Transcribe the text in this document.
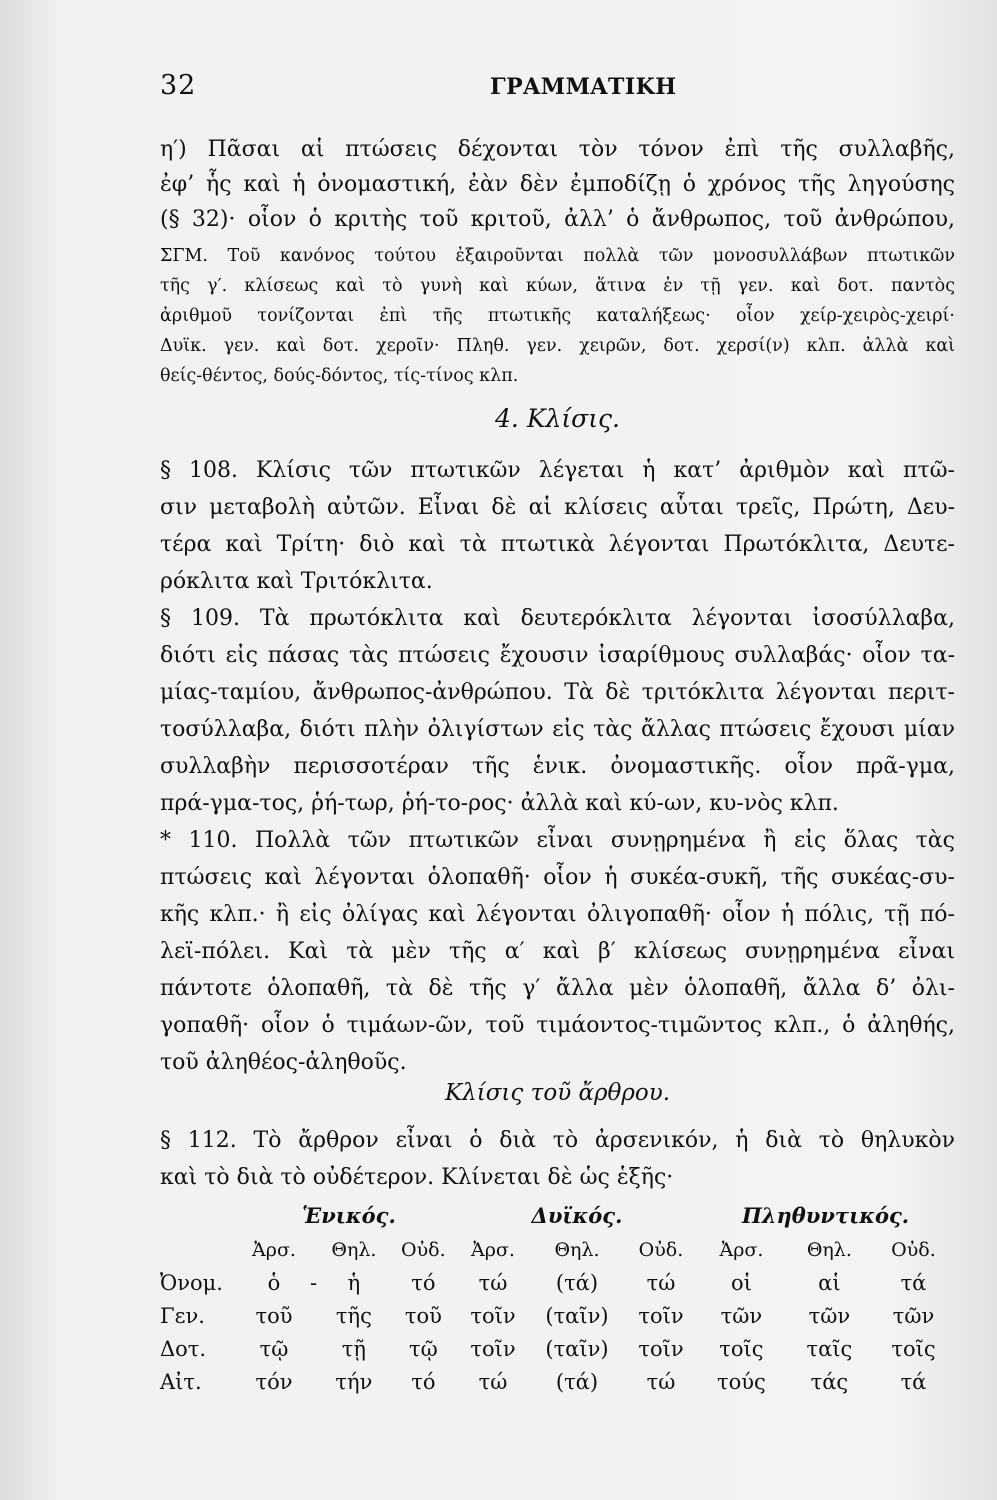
32	ΓΡΑΜΜΑΤΙΚΗ
η′) Πᾶσαι αἱ πτώσεις δέχονται τὸν τόνον ἐπὶ τῆς συλλαβῆς,
ἐφ’ ἧς καὶ ἡ ὀνομαστική, ἐὰν δὲν ἐμποδίζῃ ὁ χρόνος τῆς ληγούσης
(§ 32)· οἷον ὁ κριτὴς τοῦ κριτοῦ, ἀλλ’ ὁ ἄνθρωπος, τοῦ ἀνθρώπου,
ΣΓΜ. Τοῦ κανόνος τούτου ἐξαιροῦνται πολλὰ τῶν μονοσυλλάβων πτωτικῶν
τῆς γ′. κλίσεως καὶ τὸ γυνὴ καὶ κύων, ἅτινα ἐν τῇ γεν. καὶ δοτ. παντὸς
ἀριθμοῦ τονίζονται ἐπὶ τῆς πτωτικῆς καταλήξεως· οἷον χείρ-χειρὸς-χειρί·
Δυϊκ. γεν. καὶ δοτ. χεροῖν· Πληθ. γεν. χειρῶν, δοτ. χερσί(ν) κλπ. ἀλλὰ καὶ
θείς-θέντος, δούς-δόντος, τίς-τίνος κλπ.
4. Κλίσις.
§ 108. Κλίσις τῶν πτωτικῶν λέγεται ἡ κατ’ ἀριθμὸν καὶ πτῶ-
σιν μεταβολὴ αὐτῶν. Εἶναι δὲ αἱ κλίσεις αὗται τρεῖς, Πρώτη, Δευ-
τέρα καὶ Τρίτη· διὸ καὶ τὰ πτωτικὰ λέγονται Πρωτόκλιτα, Δευτε-
ρόκλιτα καὶ Τριτόκλιτα.
§ 109. Τὰ πρωτόκλιτα καὶ δευτερόκλιτα λέγονται ἰσοσύλλαβα,
διότι εἰς πάσας τὰς πτώσεις ἔχουσιν ἰσαρίθμους συλλαβάς· οἷον τα-
μίας-ταμίου, ἄνθρωπος-ἀνθρώπου. Τὰ δὲ τριτόκλιτα λέγονται περιτ-
τοσύλλαβα, διότι πλὴν ὀλιγίστων εἰς τὰς ἄλλας πτώσεις ἔχουσι μίαν
συλλαβὴν περισσοτέραν τῆς ἑνικ. ὀνομαστικῆς. οἷον πρᾶ-γμα,
πρά-γμα-τος, ῥή-τωρ, ῥή-το-ρος· ἀλλὰ καὶ κύ-ων, κυ-νὸς κλπ.
* 110. Πολλὰ τῶν πτωτικῶν εἶναι συνῃρημένα ἢ εἰς ὅλας τὰς
πτώσεις καὶ λέγονται ὁλοπαθῆ· οἷον ἡ συκέα-συκῆ, τῆς συκέας-συ-
κῆς κλπ.· ἢ εἰς ὀλίγας καὶ λέγονται ὀλιγοπαθῆ· οἷον ἡ πόλις, τῇ πό-
λεϊ-πόλει. Καὶ τὰ μὲν τῆς α′ καὶ β′ κλίσεως συνῃρημένα εἶναι
πάντοτε ὁλοπαθῆ, τὰ δὲ τῆς γ′ ἄλλα μὲν ὁλοπαθῆ, ἄλλα δ’ ὀλι-
γοπαθῆ· οἷον ὁ τιμάων-ῶν, τοῦ τιμάοντος-τιμῶντος κλπ., ὁ ἀληθής,
τοῦ ἀληθέος-ἀληθοῦς.
Κλίσις τοῦ ἄρθρου.
§ 112. Τὸ ἄρθρον εἶναι ὁ διὰ τὸ ἀρσενικόν, ἡ διὰ τὸ θηλυκὸν
καὶ τὸ διὰ τὸ οὐδέτερον. Κλίνεται δὲ ὡς ἑξῆς·
	Ἑνικός.				Δυϊκός.			Πληθυντικός.		
	Ἀρσ.		Θηλ.	Οὐδ.	Ἀρσ.	Θηλ.	Οὐδ.	Ἀρσ.	Θηλ.	Οὐδ.
Ὀνομ.	ὁ	-	ἡ	τό	τώ	(τά)	τώ	οἱ	αἱ	τά
Γεν.	τοῦ		τῆς	τοῦ	τοῖν	(ταῖν)	τοῖν	τῶν	τῶν	τῶν
Δοτ.	τῷ		τῇ	τῷ	τοῖν	(ταῖν)	τοῖν	τοῖς	ταῖς	τοῖς
Αἰτ.	τόν		τήν	τό	τώ	(τά)	τώ	τούς	τάς	τά
